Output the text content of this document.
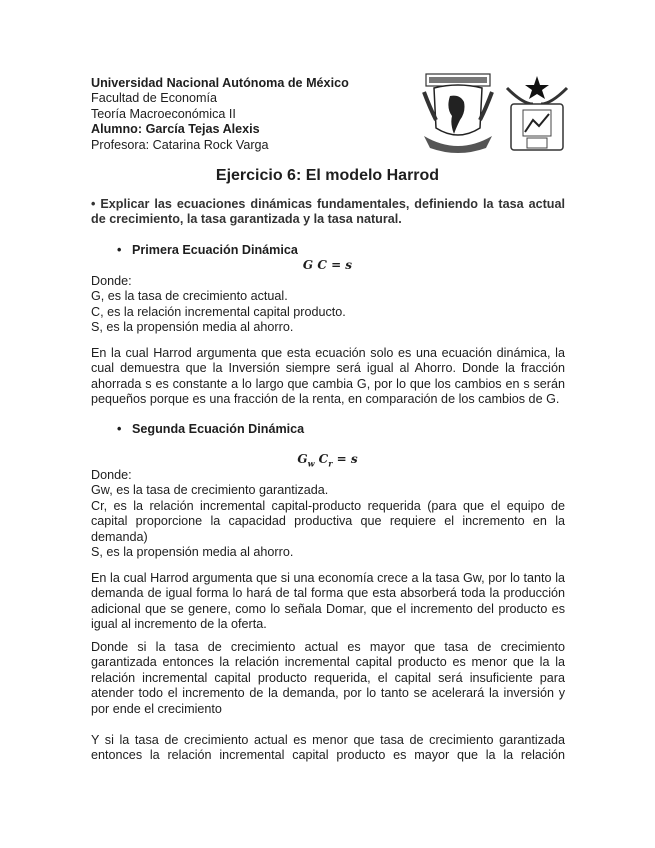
Universidad Nacional Autónoma de México

Facultad de Economía

Teoría Macroeconómica II

Alumno: García Tejas Alexis

Profesora: Catarina Rock Varga

Ejercicio 6: El modelo Harrod
• Explicar las ecuaciones dinámicas fundamentales, definiendo la tasa actual de crecimiento, la tasa garantizada y la tasa natural.
• Primera Ecuación Dinámica
G C = s

Donde:

G, es la tasa de crecimiento actual.

C, es la relación incremental capital producto.

S, es la propensión media al ahorro.

En la cual Harrod argumenta que esta ecuación solo es una ecuación dinámica, la cual demuestra que la Inversión siempre será igual al Ahorro. Donde la fracción ahorrada s es constante a lo largo que cambia G, por lo que los cambios en s serán pequeños porque es una fracción de la renta, en comparación de los cambios de G.
• Segunda Ecuación Dinámica
$G_w$ $C_r = s$

Donde:

Gw, es la tasa de crecimiento garantizada.

Cr, es la relación incremental capital-producto requerida (para que el equipo de capital proporcione la capacidad productiva que requiere el incremento en la demanda)

S, es la propensión media al ahorro.

En la cual Harrod argumenta que si una economía crece a la tasa Gw, por lo tanto la demanda de igual forma lo hará de tal forma que esta absorberá toda la producción adicional que se genere, como lo señala Domar, que el incremento del producto es igual al incremento de la oferta.
Donde si la tasa de crecimiento actual es mayor que tasa de crecimiento garantizada entonces la relación incremental capital producto es menor que la la relación incremental capital producto requerida, el capital será insuficiente para atender todo el incremento de la demanda, por lo tanto se acelerará la inversión y por ende el crecimiento
Y si la tasa de crecimiento actual es menor que tasa de crecimiento garantizada entonces la relación incremental capital producto es mayor que la la relación
